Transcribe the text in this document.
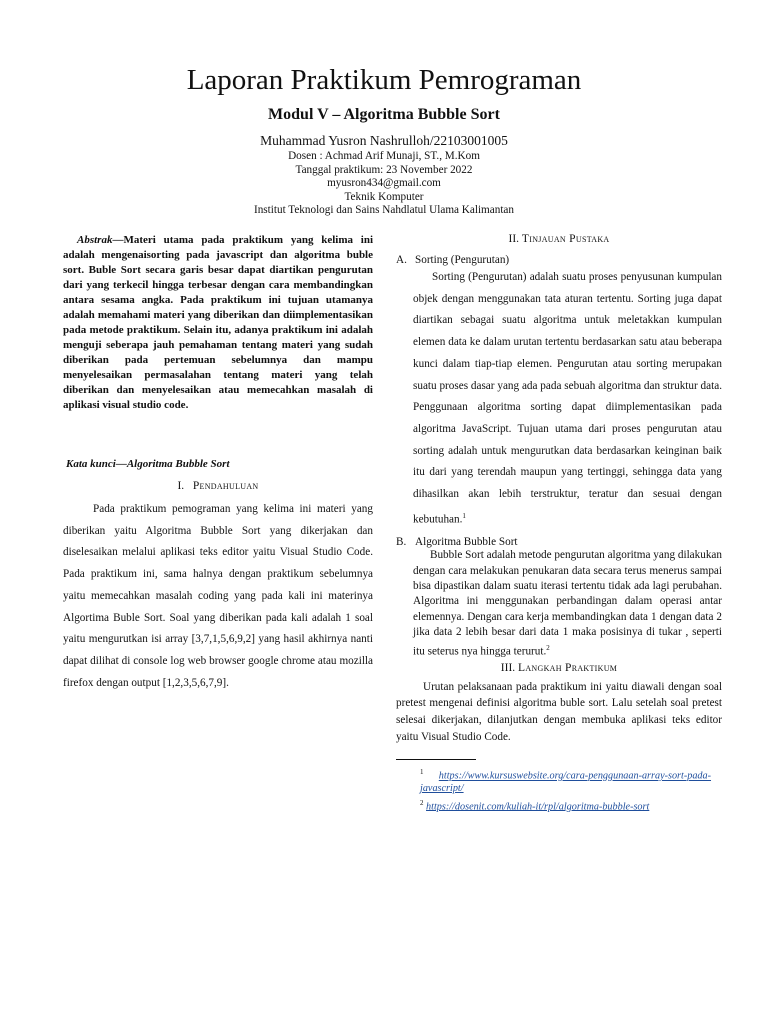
Laporan Praktikum Pemrograman
Modul V – Algoritma Bubble Sort
Muhammad Yusron Nashrulloh/22103001005
Dosen : Achmad Arif Munaji, ST., M.Kom
Tanggal praktikum: 23 November 2022
myusron434@gmail.com
Teknik Komputer
Institut Teknologi dan Sains Nahdlatul Ulama Kalimantan

Abstrak—Materi utama pada praktikum yang kelima ini adalah mengenaisorting pada javascript dan algoritma buble sort. Buble Sort secara garis besar dapat diartikan pengurutan dari yang terkecil hingga terbesar dengan cara membandingkan antara sesama angka. Pada praktikum ini tujuan utamanya adalah memahami materi yang diberikan dan diimplementasikan pada metode praktikum. Selain itu, adanya praktikum ini adalah menguji seberapa jauh pemahaman tentang materi yang sudah diberikan pada pertemuan sebelumnya dan mampu menyelesaikan permasalahan tentang materi yang telah diberikan dan menyelesaikan atau memecahkan masalah di aplikasi visual studio code.

Kata kunci—Algoritma Bubble Sort

I. Pendahuluan

Pada praktikum pemograman yang kelima ini materi yang diberikan yaitu Algoritma Bubble Sort yang dikerjakan dan diselesaikan melalui aplikasi teks editor yaitu Visual Studio Code. Pada praktikum ini, sama halnya dengan praktikum sebelumnya yaitu memecahkan masalah coding yang pada kali ini materinya Algortima Buble Sort. Soal yang diberikan pada kali adalah 1 soal yaitu mengurutkan isi array [3,7,1,5,6,9,2] yang hasil akhirnya nanti dapat dilihat di console log web browser google chrome atau mozilla firefox dengan output [1,2,3,5,6,7,9].

II. Tinjauan Pustaka

A. Sorting (Pengurutan)

Sorting (Pengurutan) adalah suatu proses penyusunan kumpulan objek dengan menggunakan tata aturan tertentu. Sorting juga dapat diartikan sebagai suatu algoritma untuk meletakkan kumpulan elemen data ke dalam urutan tertentu berdasarkan satu atau beberapa kunci dalam tiap-tiap elemen. Pengurutan atau sorting merupakan suatu proses dasar yang ada pada sebuah algoritma dan struktur data. Penggunaan algoritma sorting dapat diimplementasikan pada algoritma JavaScript. Tujuan utama dari proses pengurutan atau sorting adalah untuk mengurutkan data berdasarkan keinginan baik itu dari yang terendah maupun yang tertinggi, sehingga data yang dihasilkan akan lebih terstruktur, teratur dan sesuai dengan kebutuhan.$^1$

B. Algoritma Bubble Sort

Bubble Sort adalah metode pengurutan algoritma yang dilakukan dengan cara melakukan penukaran data secara terus menerus sampai bisa dipastikan dalam suatu iterasi tertentu tidak ada lagi perubahan. Algoritma ini menggunakan perbandingan dalam operasi antar elemennya. Dengan cara kerja membandingkan data 1 dengan data 2 jika data 2 lebih besar dari data 1 maka posisinya di tukar , seperti itu seterus nya hingga terurut.$^2$

III. Langkah Praktikum

Urutan pelaksanaan pada praktikum ini yaitu diawali dengan soal pretest mengenai definisi algoritma buble sort. Lalu setelah soal pretest selesai dikerjakan, dilanjutkan dengan membuka aplikasi teks editor yaitu Visual Studio Code.

$^1$ https://www.kursuswebsite.org/cara-penggunaan-array-sort-pada-javascript/

$^2$ https://dosenit.com/kuliah-it/rpl/algoritma-bubble-sort
